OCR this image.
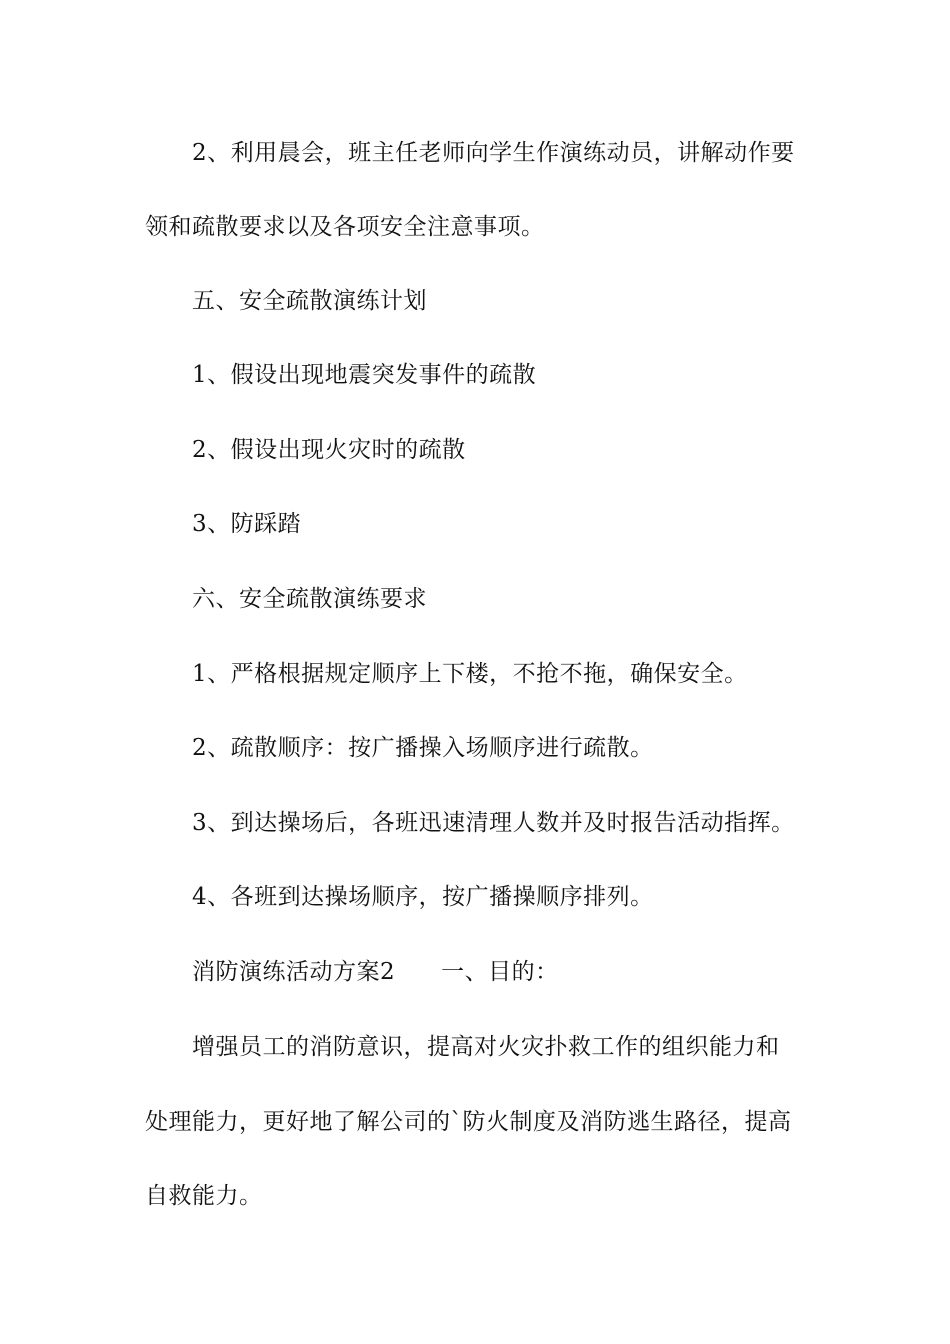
2、利用晨会，班主任老师向学生作演练动员，讲解动作要
领和疏散要求以及各项安全注意事项。
五、安全疏散演练计划
1、假设出现地震突发事件的疏散
2、假设出现火灾时的疏散
3、防踩踏
六、安全疏散演练要求
1、严格根据规定顺序上下楼，不抢不拖，确保安全。
2、疏散顺序：按广播操入场顺序进行疏散。
3、到达操场后，各班迅速清理人数并及时报告活动指挥。
4、各班到达操场顺序，按广播操顺序排列。
消防演练活动方案2 一、目的：
增强员工的消防意识，提高对火灾扑救工作的组织能力和
处理能力，更好地了解公司的`防火制度及消防逃生路径，提高
自救能力。
